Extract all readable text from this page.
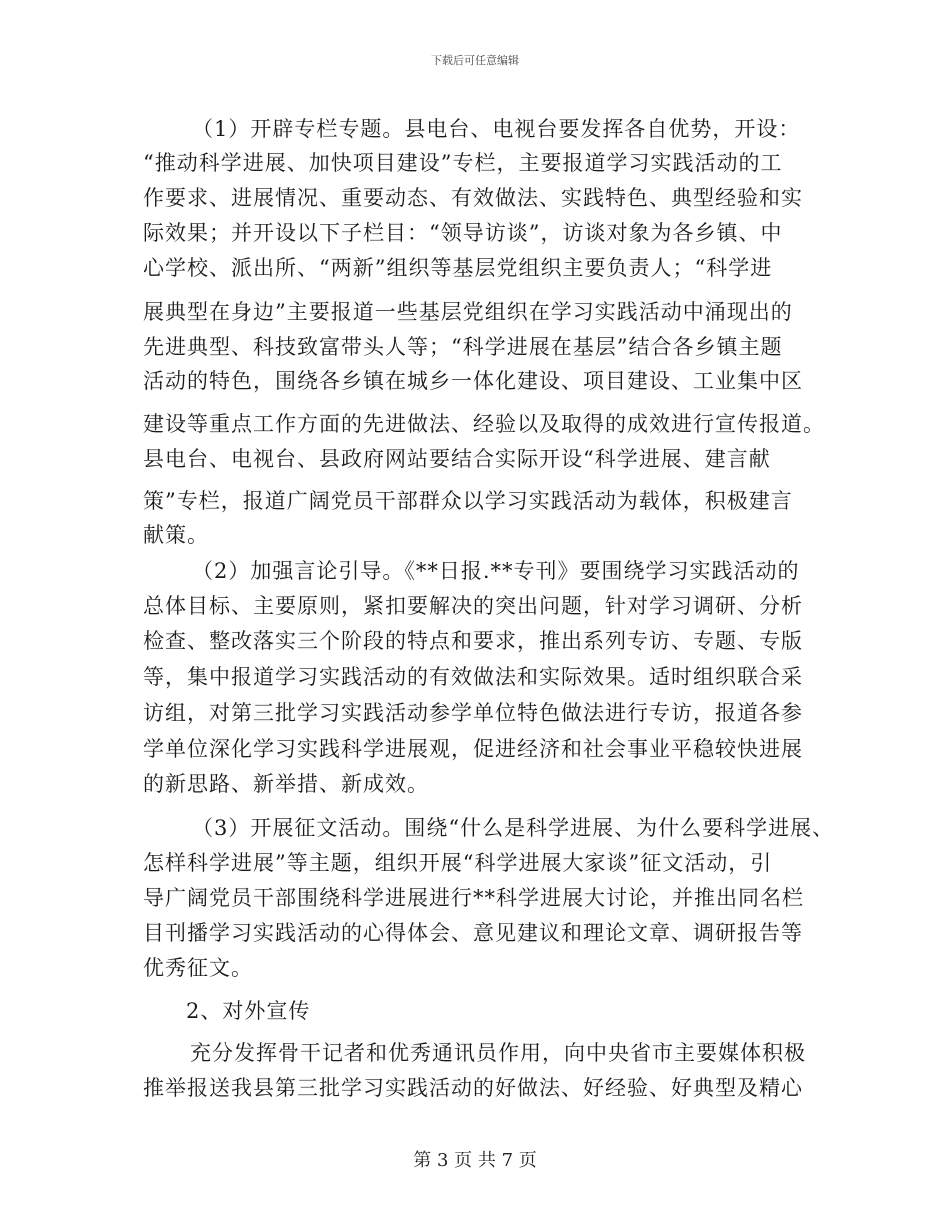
下载后可任意编辑
（1）开辟专栏专题。县电台、电视台要发挥各自优势，开设：
“推动科学进展、加快项目建设”专栏，主要报道学习实践活动的工
作要求、进展情况、重要动态、有效做法、实践特色、典型经验和实
际效果；并开设以下子栏目：“领导访谈”，访谈对象为各乡镇、中
心学校、派出所、“两新”组织等基层党组织主要负责人；“科学进
展典型在身边”主要报道一些基层党组织在学习实践活动中涌现出的
先进典型、科技致富带头人等；“科学进展在基层”结合各乡镇主题
活动的特色，围绕各乡镇在城乡一体化建设、项目建设、工业集中区
建设等重点工作方面的先进做法、经验以及取得的成效进行宣传报道。
县电台、电视台、县政府网站要结合实际开设“科学进展、建言献
策”专栏，报道广阔党员干部群众以学习实践活动为载体，积极建言
献策。
（2）加强言论引导。《**日报.**专刊》要围绕学习实践活动的
总体目标、主要原则，紧扣要解决的突出问题，针对学习调研、分析
检查、整改落实三个阶段的特点和要求，推出系列专访、专题、专版
等，集中报道学习实践活动的有效做法和实际效果。适时组织联合采
访组，对第三批学习实践活动参学单位特色做法进行专访，报道各参
学单位深化学习实践科学进展观，促进经济和社会事业平稳较快进展
的新思路、新举措、新成效。
（3）开展征文活动。围绕“什么是科学进展、为什么要科学进展、
怎样科学进展”等主题，组织开展“科学进展大家谈”征文活动，引
导广阔党员干部围绕科学进展进行**科学进展大讨论，并推出同名栏
目刊播学习实践活动的心得体会、意见建议和理论文章、调研报告等
优秀征文。
2、对外宣传
充分发挥骨干记者和优秀通讯员作用，向中央省市主要媒体积极
推举报送我县第三批学习实践活动的好做法、好经验、好典型及精心
第 3 页 共 7 页
